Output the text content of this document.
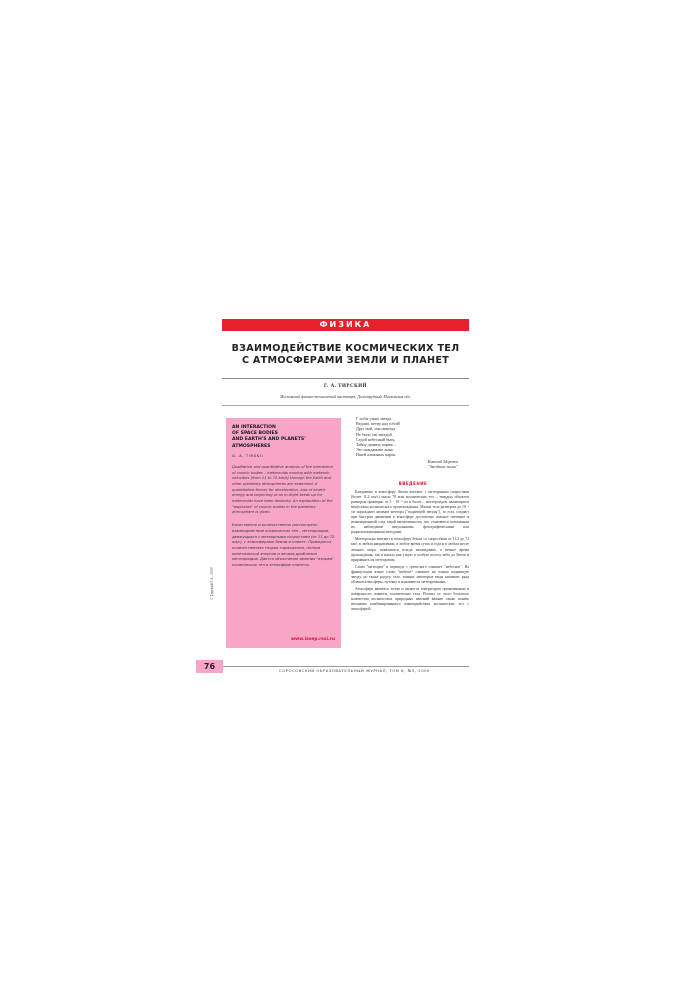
ФИЗИКА
ВЗАИМОДЕЙСТВИЕ КОСМИЧЕСКИХ ТЕЛ
С АТМОСФЕРАМИ ЗЕМЛИ И ПЛАНЕТ
Г. А. ТИРСКИЙ
Московский физико-технический институт, Долгопрудный, Московская обл.
AN INTERACTION
OF SPACE BODIES
AND EARTH'S AND PLANETS'
ATMOSPHERES
G. A. TIRSKII
Qualitative and quantitative analysis of the interaction of cosmic bodies – meteoroids moving with meteoric velocities (from 11 to 72 km/s) through the Earth and other planetary atmospheres are examined. A quantitative theory for deceleration, loss of kinetic energy and beginning of an in-flight break up for meteoroids have been deduced. An explanation of the "explosion" of cosmic bodies in the planetary atmosphere is given.
Качественно и количественно рассмотрено взаимодействие космических тел – метеороидов, движущихся с метеорными скоростями (от 11 до 72 км/с), с атмосферами Земли и планет. Приводятся количественная теория торможения, потери кинетической энергии и начала дробления метеороидов. Дается объяснение явления "взрыва" космических тел в атмосфере планеты.
www.issep.rssi.ru
© Тирский Г.А., 2000
Г лобы узких звезда.
Ведомо, ветер над тобой!
Друг мой, она никогда
Не было так звездой.
Седой небесный быть,
Тайну данных париж –
Это нежданные лыко.
Ишей алмазных парок.
Николай Морозов
"Звездные песни"
ВВЕДЕНИЕ

Ежедневно в атмосферу Земли влетают с метеорными скоростями (более 11,2 км/с) около 70 млн космических тел – твердых объектов размером примерно от 5 · 10⁻⁶ см и более – метеороидов, являющихся веществом космического происхождения. Малые тела размером до 10⁻² см порождают явление метеора ("падающей звезды"), то есть создают при быстром движении в атмосфере достаточно сильное свечение и ионизационный след такой интенсивности, что становится возможным их наблюдение визуальными, фотографическими или радиолокационными методами.

Метеороиды влетают в атмосферу Земли со скоростями от 11,2 до 72 км/с в любом направлении, в любое время суток и года и в любом месте земного шара, появляются всегда неожиданно, а вечное время прохождения, так и начало как узкую и особую полосу неба до Земли и приравнять их метеоритам.

Слово "метеорит" в переводе с греческого означает "небесное". На французском языке слово "météore" означает не только падающую звезду, но также радугу, гало, зоники, некоторые виды кишение, ряда облаков атмосферы, путёвку и называются метеоритными.

Атмосфера является телом и является генератором проявлениями в поверхности планеты, космические тела. Потому от этого большого количества космических природных явлений важнее также понять механизм комбинированного взаимодействия космических тел с атмосферой.

76	СОРОСОВСКИЙ ОБРАЗОВАТЕЛЬНЫЙ ЖУРНАЛ, ТОМ 6, №5, 2000
